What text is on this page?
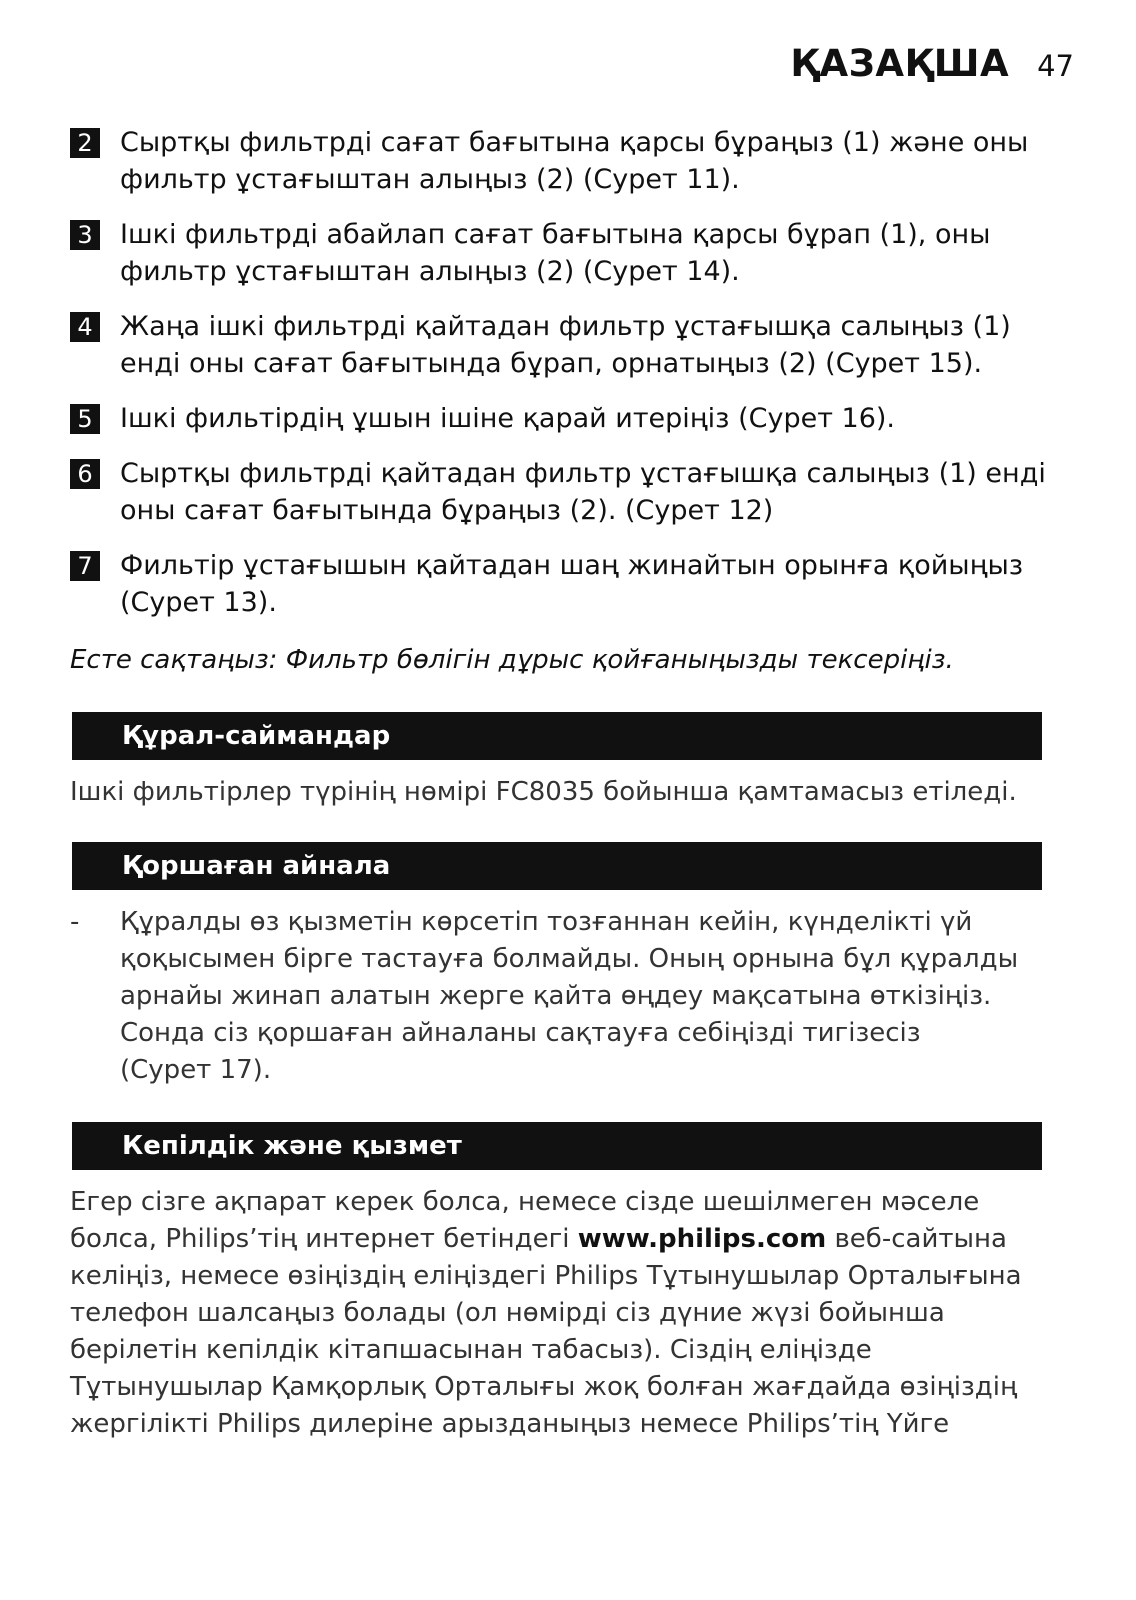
ҚАЗАҚША 47
2 Сыртқы фильтрді сағат бағытына қарсы бұраңыз (1) және оны фильтр ұстағыштан алыңыз (2) (Сурет 11).
3 Ішкі фильтрді абайлап сағат бағытына қарсы бұрап (1), оны фильтр ұстағыштан алыңыз (2) (Сурет 14).
4 Жаңа ішкі фильтрді қайтадан фильтр ұстағышқа салыңыз (1) енді оны сағат бағытында бұрап, орнатыңыз (2) (Сурет 15).
5 Ішкі фильтірдің ұшын ішіне қарай итеріңіз (Сурет 16).
6 Сыртқы фильтрді қайтадан фильтр ұстағышқа салыңыз (1) енді оны сағат бағытында бұраңыз (2). (Сурет 12)
7 Фильтір ұстағышын қайтадан шаң жинайтын орынға қойыңыз (Сурет 13).
Есте сақтаңыз: Фильтр бөлігін дұрыс қойғаныңызды тексеріңіз.
Құрал-саймандар
Ішкі фильтірлер түрінің нөмірі FC8035 бойынша қамтамасыз етіледі.
Қоршаған айнала
-	Құралды өз қызметін көрсетіп тозғаннан кейін, күнделікті үй қоқысымен бірге тастауға болмайды. Оның орнына бұл құралды арнайы жинап алатын жерге қайта өңдеу мақсатына өткізіңіз. Сонда сіз қоршаған айналаны сақтауға себіңізді тигізесіз (Сурет 17).
Кепілдік және қызмет
Егер сізге ақпарат керек болса, немесе сізде шешілмеген мәселе болса, Philips’тің интернет бетіндегі www.philips.com веб-сайтына келіңіз, немесе өзіңіздің еліңіздегі Philips Тұтынушылар Орталығына телефон шалсаңыз болады (ол нөмірді сіз дүние жүзі бойынша берілетін кепілдік кітапшасынан табасыз). Сіздің еліңізде Тұтынушылар Қамқорлық Орталығы жоқ болған жағдайда өзіңіздің жергілікті Philips дилеріне арызданыңыз немесе Philips’тің Үйге
